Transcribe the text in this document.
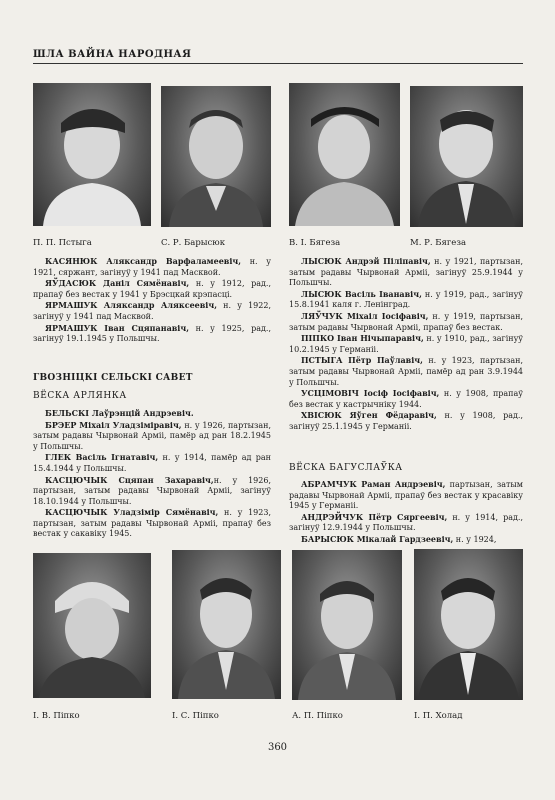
ШЛА ВАЙНА НАРОДНАЯ
П. П. Пстыга	С. Р. Барысюк	В. І. Бягеза	М. Р. Бягеза

КАСЯНЮК Аляксандр Варфаламеевіч, н. у 1921, сяржант, загінуў у 1941 пад Масквой.

ЯЎДАСЮК Даніл Сямёнавіч, н. у 1912, рад., прапаў без вестак у 1941 у Брэсцкай крэпасці.

ЯРМАШУК Аляксандр Аляксеевіч, н. у 1922, загінуў у 1941 пад Масквой.

ЯРМАШУК Іван Сцяпанавіч, н. у 1925, рад., загінуў 19.1.1945 у Польшчы.

ГВОЗНІЦКІ СЕЛЬСКІ САВЕТ
ВЁСКА АРЛЯНКА

БЕЛЬСКІ Лаўрэнцій Андрэевіч.

БРЭЕР Міхаіл Уладзіміравіч, н. у 1926, партызан, затым радавы Чырвонай Арміі, памёр ад ран 18.2.1945 у Польшчы.

ГЛЕК Васіль Ігнатавіч, н. у 1914, памёр ад ран 15.4.1944 у Польшчы.

КАСЦЮЧЫК Сцяпан Захаравіч,н. у 1926, партызан, затым радавы Чырвонай Арміі, загінуў 18.10.1944 у Польшчы.

КАСЦЮЧЫК Уладзімір Сямёнавіч, н. у 1923, партызан, затым радавы Чырвонай Арміі, прапаў без вестак у сакавіку 1945.

ЛЫСЮК Андрэй Піліпавіч, н. у 1921, партызан, затым радавы Чырвонай Арміі, загінуў 25.9.1944 у Польшчы.

ЛЫСЮК Васіль Іванавіч, н. у 1919, рад., загінуў 15.8.1941 каля г. Ленінград.

ЛЯЎЧУК Міхаіл Іосіфавіч, н. у 1919, партызан, затым радавы Чырвонай Арміі, прапаў без вестак.

ПІПКО Іван Нічыпаравіч, н. у 1910, рад., загінуў 10.2.1945 у Германіі.

ПСТЫГА Пётр Паўлавіч, н. у 1923, партызан, затым радавы Чырвонай Арміі, памёр ад ран 3.9.1944 у Польшчы.

УСЦІМОВІЧ Іосіф Іосіфавіч, н. у 1908, прапаў без вестак у кастрычніку 1944.

ХВІСЮК Яўген Фёдаравіч, н. у 1908, рад., загінуў 25.1.1945 у Германіі.

ВЁСКА БАГУСЛАЎКА

АБРАМЧУК Раман Андрэевіч, партызан, затым радавы Чырвонай Арміі, прапаў без вестак у красавіку 1945 у Германіі.

АНДРЭЙЧУК Пётр Сяргеевіч, н. у 1914, рад., загінуў 12.9.1944 у Польшчы.

БАРЫСЮК Мікалай Гардзеевіч, н. у 1924,

І. В. Піпко	І. С. Піпко	А. П. Піпко	І. П. Холад
360
